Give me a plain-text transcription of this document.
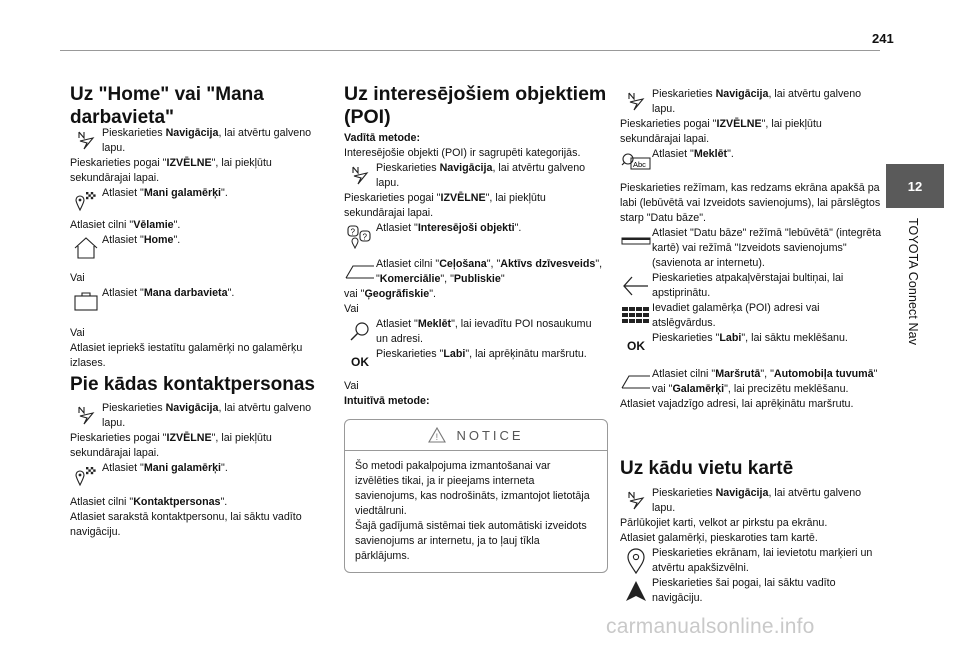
241
12
TOYOTA Connect Nav
Uz "Home" vai "Mana darbavieta"
Pieskarieties Navigācija, lai atvērtu galveno lapu.
Pieskarieties pogai "IZVĒLNE", lai piekļūtu sekundārajai lapai.
Atlasiet "Mani galamērķi".
Atlasiet cilni "Vēlamie".
Atlasiet "Home".
Vai
Atlasiet "Mana darbavieta".
Vai
Atlasiet iepriekš iestatītu galamērķi no galamērķu izlases.
Pie kādas kontaktpersonas
Pieskarieties Navigācija, lai atvērtu galveno lapu.
Pieskarieties pogai "IZVĒLNE", lai piekļūtu sekundārajai lapai.
Atlasiet "Mani galamērķi".
Atlasiet cilni "Kontaktpersonas".
Atlasiet sarakstā kontaktpersonu, lai sāktu vadīto navigāciju.
Uz interesējošiem objektiem (POI)
Vadītā metode:
Interesējošie objekti (POI) ir sagrupēti kategorijās.
Pieskarieties Navigācija, lai atvērtu galveno lapu.
Pieskarieties pogai "IZVĒLNE", lai piekļūtu sekundārajai lapai.
?
?
Atlasiet "Interesējoši objekti".
Atlasiet cilni "Ceļošana", "Aktīvs dzīvesveids", "Komerciālie", "Publiskie"
vai "Ģeogrāfiskie".
Vai
Atlasiet "Meklēt", lai ievadītu POI nosaukumu un adresi.
OK
Pieskarieties "Labi", lai aprēķinātu maršrutu.
Vai
Intuitīvā metode:
! NOTICE
Šo metodi pakalpojuma izmantošanai var izvēlēties tikai, ja ir pieejams interneta savienojums, kas nodrošināts, izmantojot lietotāja viedtālruni.
Šajā gadījumā sistēmai tiek automātiski izveidots savienojums ar internetu, ja to ļauj tīkla pārklājums.
Pieskarieties Navigācija, lai atvērtu galveno lapu.
Pieskarieties pogai "IZVĒLNE", lai piekļūtu sekundārajai lapai.
Abc
Atlasiet "Meklēt".
Pieskarieties režīmam, kas redzams ekrāna apakšā pa labi (lebūvētā vai Izveidots savienojums), lai pārslēgtos starp "Datu bāze".
Atlasiet "Datu bāze" režīmā "lebūvētā" (integrēta kartē) vai režīmā "Izveidots savienojums" (savienota ar internetu).
Pieskarieties atpakaļvērstajai bultiņai, lai apstiprinātu.
Ievadiet galamērķa (POI) adresi vai atslēgvārdus.
OK
Pieskarieties "Labi", lai sāktu meklēšanu.
Atlasiet cilni "Maršrutā", "Automobiļa tuvumā" vai "Galamērķi", lai precizētu meklēšanu.
Atlasiet vajadzīgo adresi, lai aprēķinātu maršrutu.
Uz kādu vietu kartē
Pieskarieties Navigācija, lai atvērtu galveno lapu.
Pārlūkojiet karti, velkot ar pirkstu pa ekrānu.
Atlasiet galamērķi, pieskaroties tam kartē.
Pieskarieties ekrānam, lai ievietotu marķieri un atvērtu apakšizvēlni.
Pieskarieties šai pogai, lai sāktu vadīto navigāciju.
carmanualsonline.info
